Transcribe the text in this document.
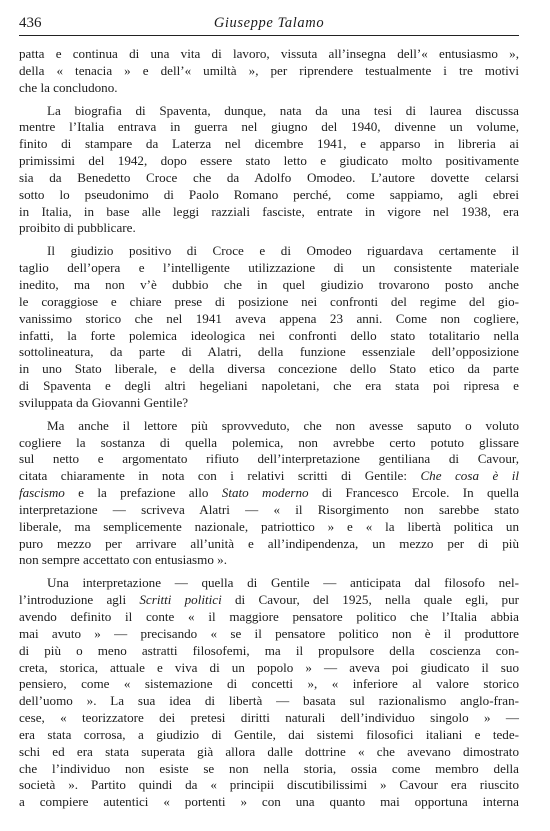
436	Giuseppe Talamo
patta e continua di una vita di lavoro, vissuta all’insegna dell’« entusiasmo »,
della « tenacia » e dell’« umiltà », per riprendere testualmente i tre motivi
che la concludono.
La biografia di Spaventa, dunque, nata da una tesi di laurea discussa
mentre l’Italia entrava in guerra nel giugno del 1940, divenne un volume,
finito di stampare da Laterza nel dicembre 1941, e apparso in libreria ai
primissimi del 1942, dopo essere stato letto e giudicato molto positivamente
sia da Benedetto Croce che da Adolfo Omodeo. L’autore dovette celarsi
sotto lo pseudonimo di Paolo Romano perché, come sappiamo, agli ebrei
in Italia, in base alle leggi razziali fasciste, entrate in vigore nel 1938, era
proibito di pubblicare.
Il giudizio positivo di Croce e di Omodeo riguardava certamente il
taglio dell’opera e l’intelligente utilizzazione di un consistente materiale
inedito, ma non v’è dubbio che in quel giudizio trovarono posto anche
le coraggiose e chiare prese di posizione nei confronti del regime del gio-
vanissimo storico che nel 1941 aveva appena 23 anni. Come non cogliere,
infatti, la forte polemica ideologica nei confronti dello stato totalitario nella
sottolineatura, da parte di Alatri, della funzione essenziale dell’opposizione
in uno Stato liberale, e della diversa concezione dello Stato etico da parte
di Spaventa e degli altri hegeliani napoletani, che era stata poi ripresa e
sviluppata da Giovanni Gentile?
Ma anche il lettore più sprovveduto, che non avesse saputo o voluto
cogliere la sostanza di quella polemica, non avrebbe certo potuto glissare
sul netto e argomentato rifiuto dell’interpretazione gentiliana di Cavour,
citata chiaramente in nota con i relativi scritti di Gentile: Che cosa è il
fascismo e la prefazione allo Stato moderno di Francesco Ercole. In quella
interpretazione — scriveva Alatri — « il Risorgimento non sarebbe stato
liberale, ma semplicemente nazionale, patriottico » e « la libertà politica un
puro mezzo per arrivare all’unità e all’indipendenza, un mezzo per di più
non sempre accettato con entusiasmo ».
Una interpretazione — quella di Gentile — anticipata dal filosofo nel-
l’introduzione agli Scritti politici di Cavour, del 1925, nella quale egli, pur
avendo definito il conte « il maggiore pensatore politico che l’Italia abbia
mai avuto » — precisando « se il pensatore politico non è il produttore
di più o meno astratti filosofemi, ma il propulsore della coscienza con-
creta, storica, attuale e viva di un popolo » — aveva poi giudicato il suo
pensiero, come « sistemazione di concetti », « inferiore al valore storico
dell’uomo ». La sua idea di libertà — basata sul razionalismo anglo-fran-
cese, « teorizzatore dei pretesi diritti naturali dell’individuo singolo » —
era stata corrosa, a giudizio di Gentile, dai sistemi filosofici italiani e tede-
schi ed era stata superata già allora dalle dottrine « che avevano dimostrato
che l’individuo non esiste se non nella storia, ossia come membro della
società ». Partito quindi da « principii discutibilissimi » Cavour era riuscito
a compiere autentici « portenti » con una quanto mai opportuna interna
